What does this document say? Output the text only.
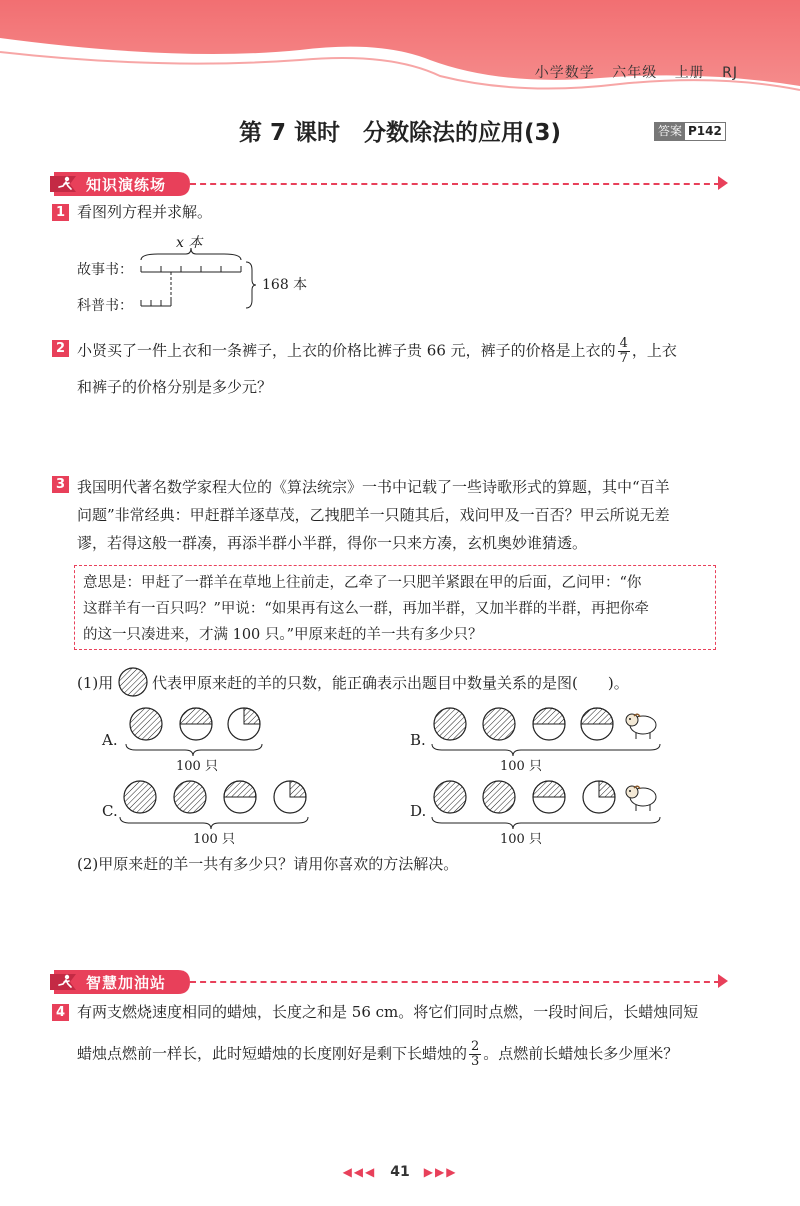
小学数学 六年级 上册 RJ
第 7 课时　分数除法的应用(3)	答案 P142
知识演练场
1 看图列方程并求解。
x 本
故事书：
科普书：
168 本
2 小贤买了一件上衣和一条裤子，上衣的价格比裤子贵 66 元，裤子的价格是上衣的 $\frac{4}{7}$ ，上衣
和裤子的价格分别是多少元？
3 我国明代著名数学家程大位的《算法统宗》一书中记载了一些诗歌形式的算题，其中“百羊
问题”非常经典：甲赶群羊逐草茂，乙拽肥羊一只随其后，戏问甲及一百否？甲云所说无差
谬，若得这般一群凑，再添半群小半群，得你一只来方凑，玄机奥妙谁猜透。
意思是：甲赶了一群羊在草地上往前走，乙牵了一只肥羊紧跟在甲的后面，乙问甲：“你
这群羊有一百只吗？”甲说：“如果再有这么一群，再加半群，又加半群的半群，再把你牵
的这一只凑进来，才满 100 只。”甲原来赶的羊一共有多少只？
(1)用	代表甲原来赶的羊的只数，能正确表示出题目中数量关系的是图(　　)。
A.	B.
C.	D.
100 只	100 只
100 只	100 只
(2)甲原来赶的羊一共有多少只？请用你喜欢的方法解决。
智慧加油站
4 有两支燃烧速度相同的蜡烛，长度之和是 56 cm。将它们同时点燃，一段时间后，长蜡烛同短
蜡烛点燃前一样长，此时短蜡烛的长度刚好是剩下长蜡烛的 $\frac{2}{3}$ 。点燃前长蜡烛长多少厘米？
◀◀◀ 41 ▶▶▶
